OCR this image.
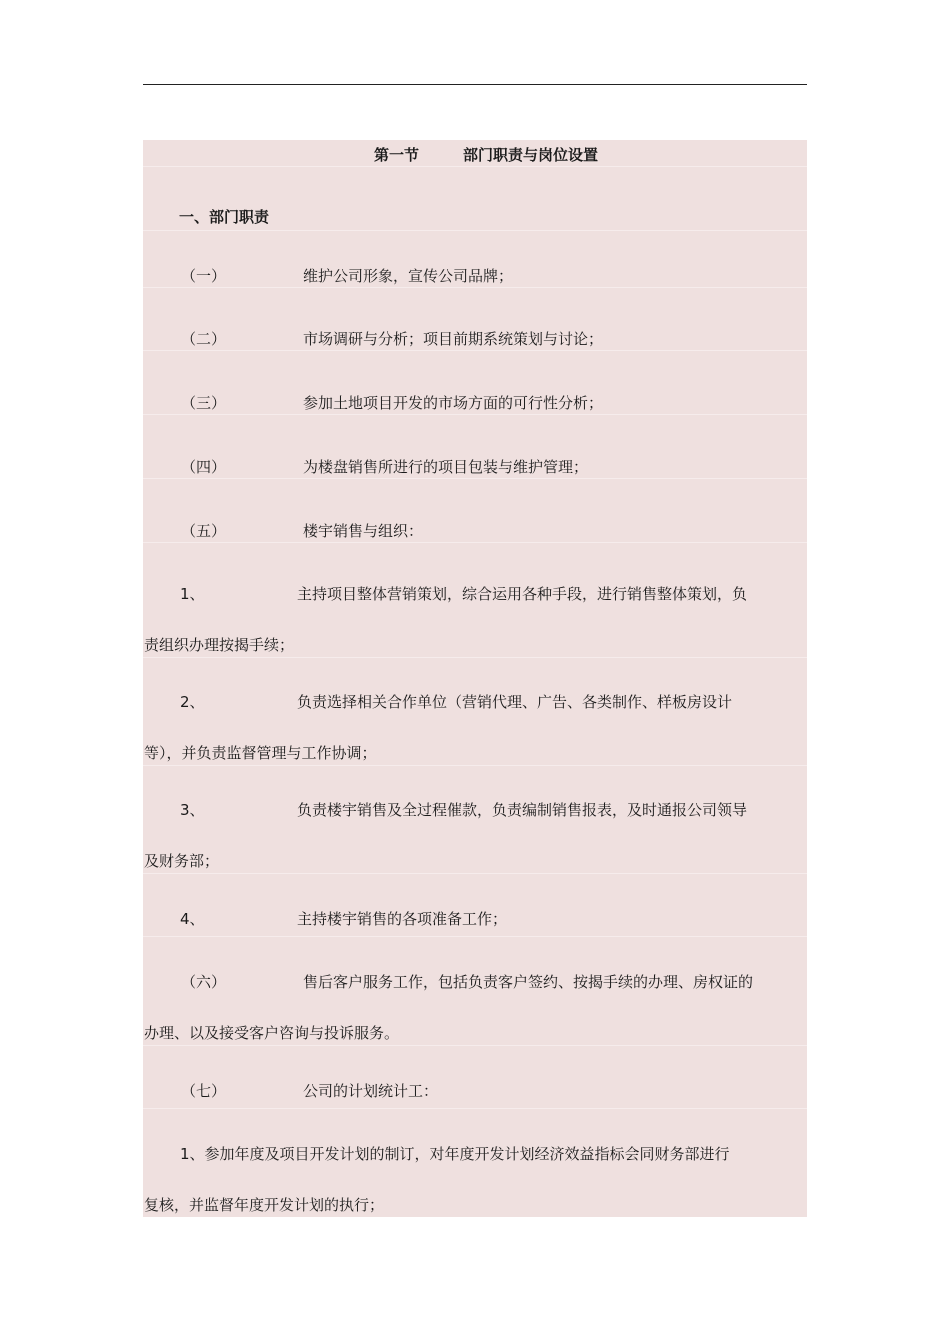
第一节	部门职责与岗位设置
一、部门职责
（一）	维护公司形象，宣传公司品牌；
（二）	市场调研与分析；项目前期系统策划与讨论；
（三）	参加土地项目开发的市场方面的可行性分析；
（四）	为楼盘销售所进行的项目包装与维护管理；
（五）	楼宇销售与组织：
1、	主持项目整体营销策划，综合运用各种手段，进行销售整体策划，负
责组织办理按揭手续；
2、	负责选择相关合作单位（营销代理、广告、各类制作、样板房设计
等），并负责监督管理与工作协调；
3、	负责楼宇销售及全过程催款，负责编制销售报表，及时通报公司领导
及财务部；
4、	主持楼宇销售的各项准备工作；
（六）	售后客户服务工作，包括负责客户签约、按揭手续的办理、房权证的
办理、以及接受客户咨询与投诉服务。
（七）	公司的计划统计工：
1、参加年度及项目开发计划的制订，对年度开发计划经济效益指标会同财务部进行
复核，并监督年度开发计划的执行；
